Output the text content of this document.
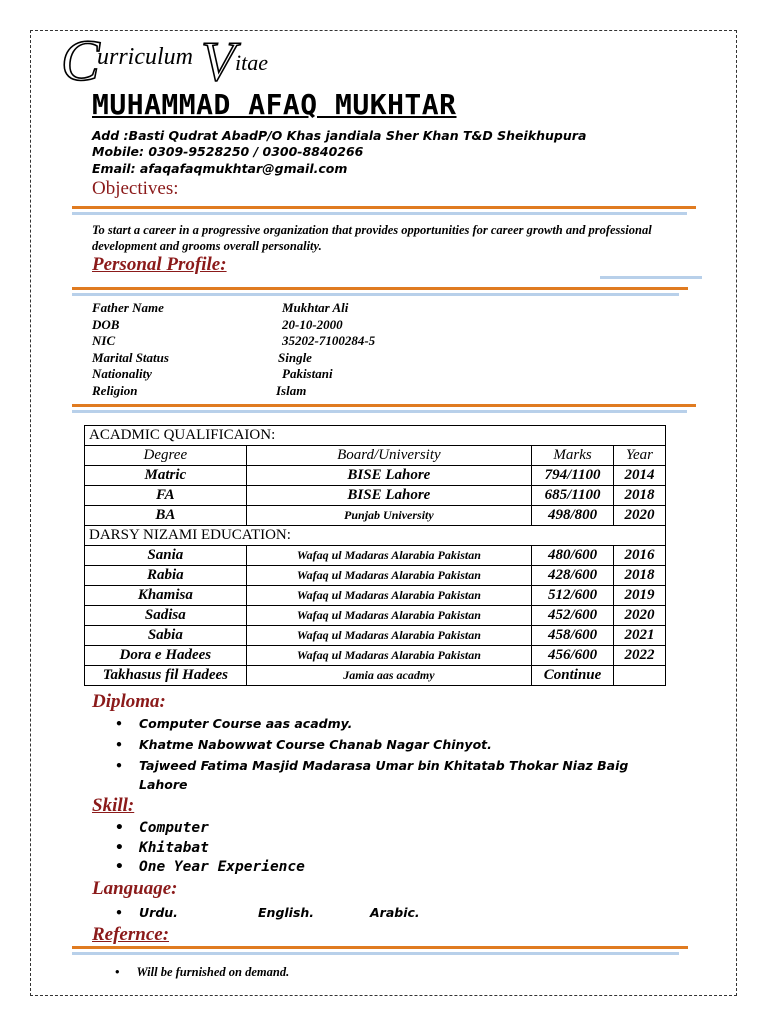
C
urriculum V itae
MUHAMMAD AFAQ MUKHTAR
Add :Basti Qudrat AbadP/O Khas jandiala Sher Khan T&D Sheikhupura
Mobile: 0309-9528250 / 0300-8840266
Email: afaqafaqmukhtar@gmail.com
Objectives:
To start a career in a progressive organization that provides opportunities for career growth and professional development and grooms overall personality.
Personal Profile:
Father Name	Mukhtar Ali
DOB	20-10-2000
NIC	35202-7100284-5
Marital Status	Single
Nationality	Pakistani
Religion	Islam
ACADMIC QUALIFICAION:			
Degree	Board/University	Marks	Year
Matric	BISE Lahore	794/1100	2014
FA	BISE Lahore	685/1100	2018
BA	Punjab University	498/800	2020
DARSY NIZAMI EDUCATION:			
Sania	Wafaq ul Madaras Alarabia Pakistan	480/600	2016
Rabia	Wafaq ul Madaras Alarabia Pakistan	428/600	2018
Khamisa	Wafaq ul Madaras Alarabia Pakistan	512/600	2019
Sadisa	Wafaq ul Madaras Alarabia Pakistan	452/600	2020
Sabia	Wafaq ul Madaras Alarabia Pakistan	458/600	2021
Dora e Hadees	Wafaq ul Madaras Alarabia Pakistan	456/600	2022
Takhasus fil Hadees	Jamia aas acadmy	Continue	
Diploma:
• Computer Course aas acadmy.
• Khatme Nabowwat Course Chanab Nagar Chinyot.
• Tajweed Fatima Masjid Madarasa Umar bin Khitatab Thokar Niaz Baig Lahore
Skill:
• Computer
• Khitabat
• One Year Experience
Language:
• Urdu.	English.	Arabic.
Refernce:
• Will be furnished on demand.
